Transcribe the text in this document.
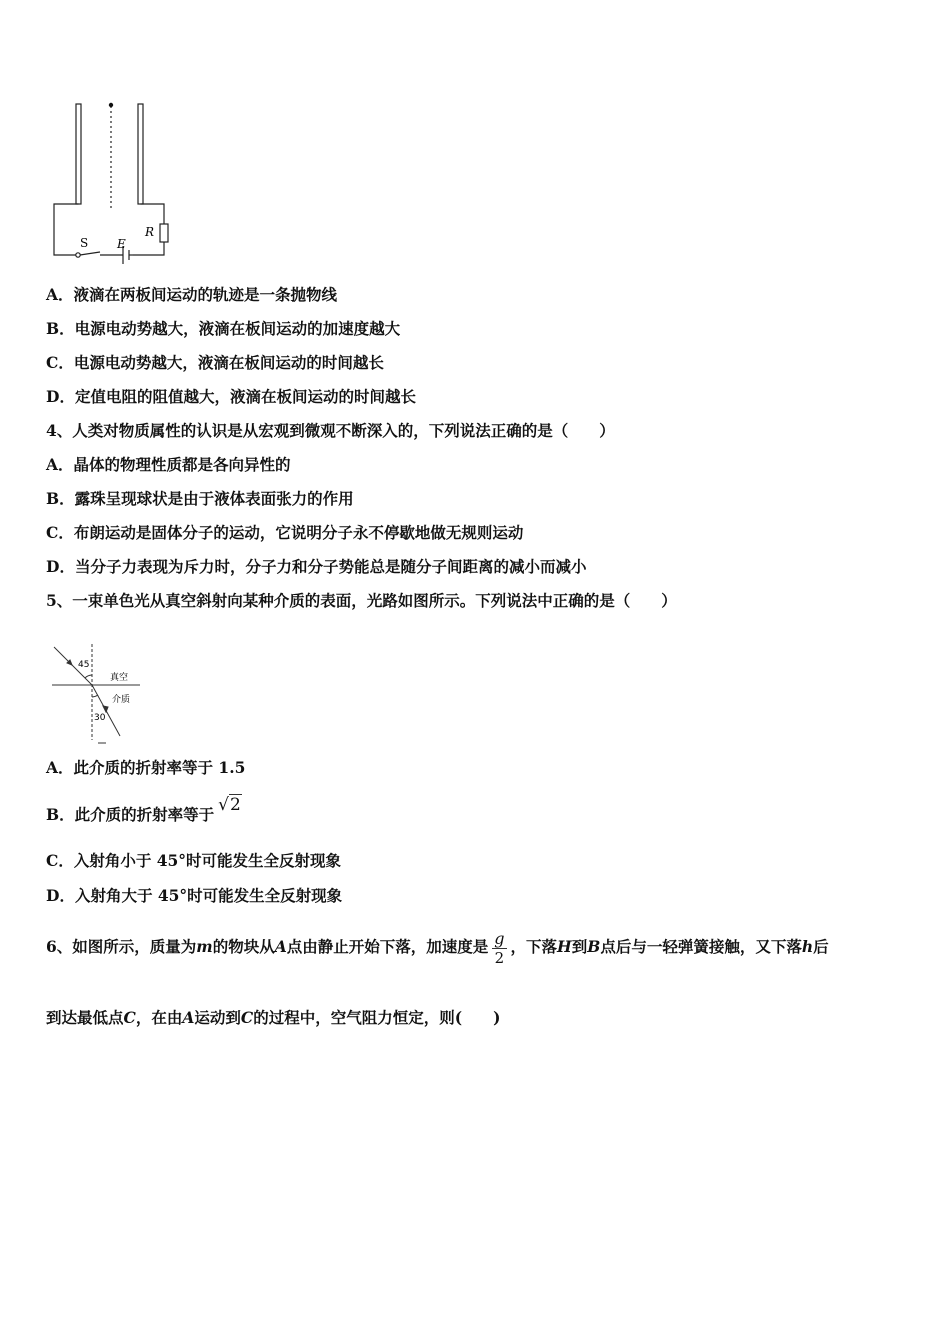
S E
R
A．液滴在两板间运动的轨迹是一条抛物线
B．电源电动势越大，液滴在板间运动的加速度越大
C．电源电动势越大，液滴在板间运动的时间越长
D．定值电阻的阻值越大，液滴在板间运动的时间越长
4、人类对物质属性的认识是从宏观到微观不断深入的，下列说法正确的是（　　）
A．晶体的物理性质都是各向异性的
B．露珠呈现球状是由于液体表面张力的作用
C．布朗运动是固体分子的运动，它说明分子永不停歇地做无规则运动
D．当分子力表现为斥力时，分子力和分子势能总是随分子间距离的减小而减小
5、一束单色光从真空斜射向某种介质的表面，光路如图所示。下列说法中正确的是（　　）
45
30
真空
介质
A．此介质的折射率等于 1.5
B．此介质的折射率等于 √2
C．入射角小于 45°时可能发生全反射现象
D．入射角大于 45°时可能发生全反射现象
6、如图所示，质量为m的物块从A点由静止开始下落，加速度是 $\frac{g}{2}$ ，下落H到B点后与一轻弹簧接触，又下落h后
到达最低点C，在由A运动到C的过程中，空气阻力恒定，则(　　)
